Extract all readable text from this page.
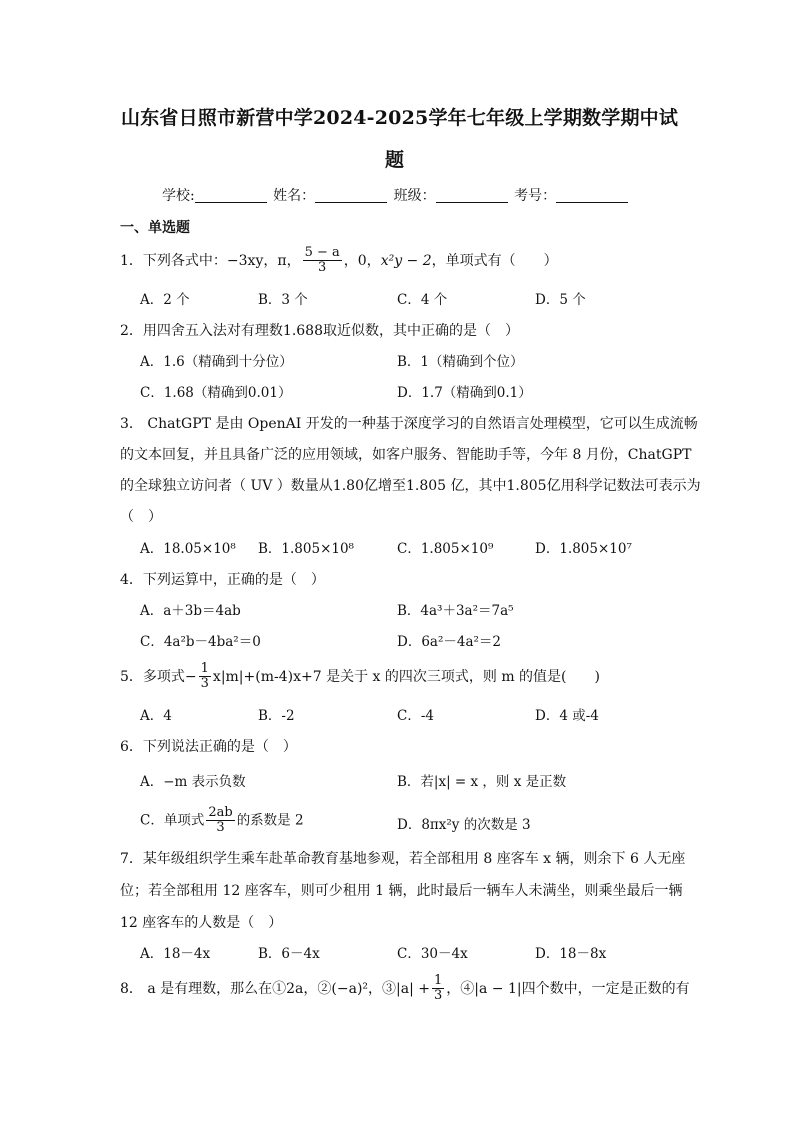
山东省日照市新营中学2024-2025学年七年级上学期数学期中试
题
学校:	姓名：	班级：	考号：
一、单选题
1．下列各式中：−3xy，π， $\frac{5 - a}{3}$ ，0，x²y − 2，单项式有（　　）
A．2 个	B．3 个	C．4 个	D．5 个
2．用四舍五入法对有理数1.688取近似数，其中正确的是（　）
A．1.6（精确到十分位）	B．1（精确到个位）
C．1.68（精确到0.01）	D．1.7（精确到0.1）
3． ChatGPT 是由 OpenAI 开发的一种基于深度学习的自然语言处理模型，它可以生成流畅
的文本回复，并且具备广泛的应用领域，如客户服务、智能助手等，今年 8 月份，ChatGPT
的全球独立访问者（ UV ）数量从1.80亿增至1.805 亿，其中1.805亿用科学记数法可表示为
（　）
A．18.05×10⁸ B．1.805×10⁸	C．1.805×10⁹	D．1.805×10⁷
4．下列运算中，正确的是（　）
A．a＋3b＝4ab	B．4a³＋3a²＝7a⁵
C．4a²b－4ba²＝0	D．6a²－4a²＝2
5．多项式− $\frac{1}{3} x|m|+(m-4)x+7$ 是关于 x 的四次三项式，则 m 的值是(　　)
A．4	B．-2	C．-4	D．4 或-4
6．下列说法正确的是（　）
A．−m 表示负数	B．若|x| = x ，则 x 是正数
C．单项式 $\frac{2ab}{3}$ 的系数是 2	D．8πx²y 的次数是 3
7．某年级组织学生乘车赴革命教育基地参观，若全部租用 8 座客车 x 辆，则余下 6 人无座
位；若全部租用 12 座客车，则可少租用 1 辆，此时最后一辆车人未满坐，则乘坐最后一辆
12 座客车的人数是（　）
A．18－4x	B．6－4x	C．30－4x	D．18－8x
8． a 是有理数，那么在①2a，②(−a)²，③|a| + $\frac{1}{3}$ ，④|a − 1|四个数中，一定是正数的有
